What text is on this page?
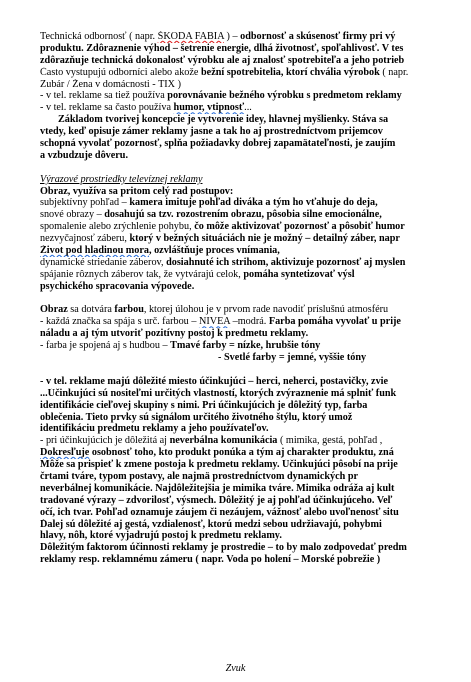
Technická odbornosť ( napr. ŠKODA FABIA ) – odbornosť a skúsenosť firmy pri vý
produktu. Zdôraznenie výhod – šetrenie energie, dlhá životnosť, spoľahlivosť. V tes
zdôrazňuje technická dokonalosť výrobku ale aj znalosť spotrebiteľa a jeho potrieb
Často vystupujú odborníci alebo akože bežní spotrebitelia, ktorí chvália výrobok ( napr.
Zubár / Žena v domácnosti - TIX )
- v tel. reklame sa tiež používa porovnávanie bežného výrobku s predmetom reklamy
- v tel. reklame sa často používa humor, vtipnosť...
Základom tvorivej koncepcie je vytvorenie idey, hlavnej myšlienky. Stáva sa
vtedy, keď opisuje zámer reklamy jasne a tak ho aj prostredníctvom prijemcov
schopná vyvolať pozornosť, splňa požiadavky dobrej zapamätateľnosti, je zaujím
a vzbudzuje dôveru.
Výrazové prostriedky televíznej reklamy
Obraz, využíva sa pritom celý rad postupov:
subjektívny pohľad – kamera imituje pohľad diváka a tým ho vťahuje do deja,
snové obrazy – dosahujú sa tzv. rozostrením obrazu, pôsobia silne emocionálne,
spomalenie alebo zrýchlenie pohybu, čo môže aktivizovať pozornosť a pôsobiť humor
nezvyčajnosť záberu, ktorý v bežných situáciách nie je možný – detailný záber, napr
Život pod hladinou mora, ozvláštňuje proces vnímania,
dynamické striedanie záberov, dosiahnuté ich strihom, aktivizuje pozornosť aj myslen
spájanie rôznych záberov tak, že vytvárajú celok, pomáha syntetizovať výsl
psychického spracovania výpovede.
Obraz sa dotvára farbou, ktorej úlohou je v prvom rade navodiť príslušnú atmosféru
- každá značka sa spája s urč. farbou – NIVEA –modrá. Farba pomáha vyvolať u prije
náladu a aj tým utvoriť pozitívny postoj k predmetu reklamy.
- farba je spojená aj s hudbou – Tmavé farby = nízke, hrubšie tóny
- Svetlé farby = jemné, vyššie tóny
- v tel. reklame majú dôležité miesto účinkujúci – herci, neherci, postavičky, zvie
...Účinkujúci sú nositeľmi určitých vlastností, ktorých zvýraznenie má splniť funk
identifikácie cieľovej skupiny s nimi. Pri účinkujúcich je dôležitý typ, farba
oblečenia. Tieto prvky sú signálom určitého životného štýlu, ktorý umož
identifikáciu predmetu reklamy a jeho používateľov.
- pri účinkujúcich je dôležitá aj neverbálna komunikácia ( mimika, gestá, pohľad ,
Dokresľuje osobnosť toho, kto produkt ponúka a tým aj charakter produktu, zná
Môže sa prispieť k zmene postoja k predmetu reklamy. Účinkujúci pôsobí na prije
črtami tváre, typom postavy, ale najmä prostredníctvom dynamických pr
neverbálnej komunikácie. Najdôležitejšia je mimika tváre. Mimika odráža aj kult
tradované výrazy – zdvorilosť, výsmech. Dôležitý je aj pohľad účinkujúceho. Veľ
očí, ich tvar. Pohľad oznamuje záujem či nezáujem, vážnosť alebo uvoľnenosť situ
Ďalej sú dôležité aj gestá, vzdialenosť, ktorú medzi sebou udržiavajú, pohybmi
hlavy, nôh, ktoré vyjadrujú postoj k predmetu reklamy.
Dôležitým faktorom účinnosti reklamy je prostredie – to by malo zodpovedať predm
reklamy resp. reklamnému zámeru ( napr. Voda po holení – Morské pobrežie )
Zvuk
